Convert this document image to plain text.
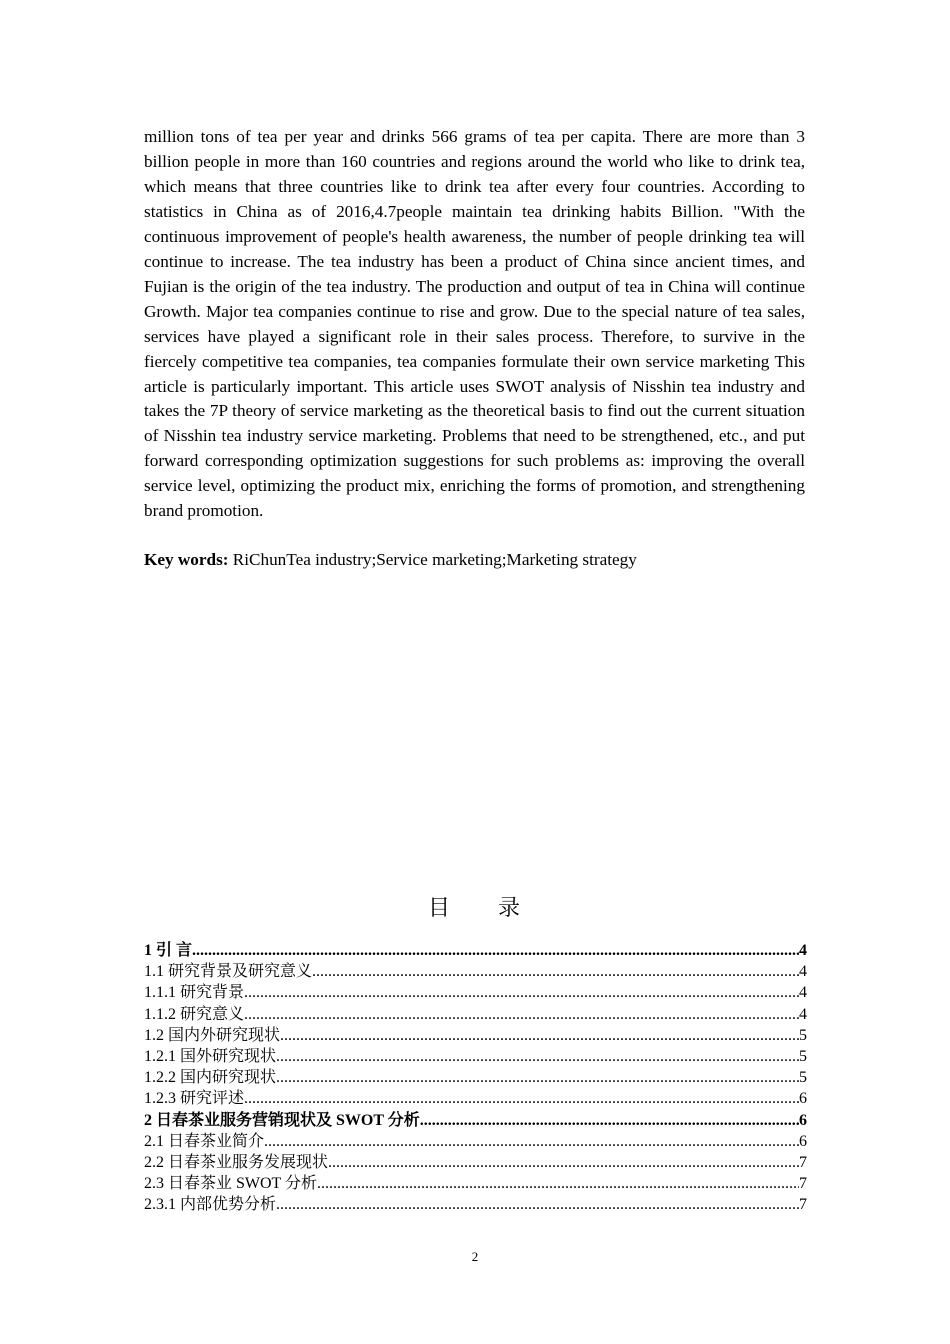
million tons of tea per year and drinks 566 grams of tea per capita. There are more than 3 billion people in more than 160 countries and regions around the world who like to drink tea, which means that three countries like to drink tea after every four countries. According to statistics in China as of 2016,4.7people maintain tea drinking habits Billion. "With the continuous improvement of people's health awareness, the number of people drinking tea will continue to increase. The tea industry has been a product of China since ancient times, and Fujian is the origin of the tea industry. The production and output of tea in China will continue Growth. Major tea companies continue to rise and grow. Due to the special nature of tea sales, services have played a significant role in their sales process. Therefore, to survive in the fiercely competitive tea companies, tea companies formulate their own service marketing This article is particularly important. This article uses SWOT analysis of Nisshin tea industry and takes the 7P theory of service marketing as the theoretical basis to find out the current situation of Nisshin tea industry service marketing. Problems that need to be strengthened, etc., and put forward corresponding optimization suggestions for such problems as: improving the overall service level, optimizing the product mix, enriching the forms of promotion, and strengthening brand promotion.

Key words: RiChunTea industry;Service marketing;Marketing strategy

目 录
1 引 言 .....	4
1.1 研究背景及研究意义 .....	4
1.1.1 研究背景 .....	4
1.1.2 研究意义 .....	4
1.2 国内外研究现状 .....	5
1.2.1 国外研究现状 .....	5
1.2.2 国内研究现状 .....	5
1.2.3 研究评述 .....	6
2 日春茶业服务营销现状及 SWOT 分析 .....	6
2.1 日春茶业简介 .....	6
2.2 日春茶业服务发展现状 .....	7
2.3 日春茶业 SWOT 分析 .....	7
2.3.1 内部优势分析 .....	7
2
